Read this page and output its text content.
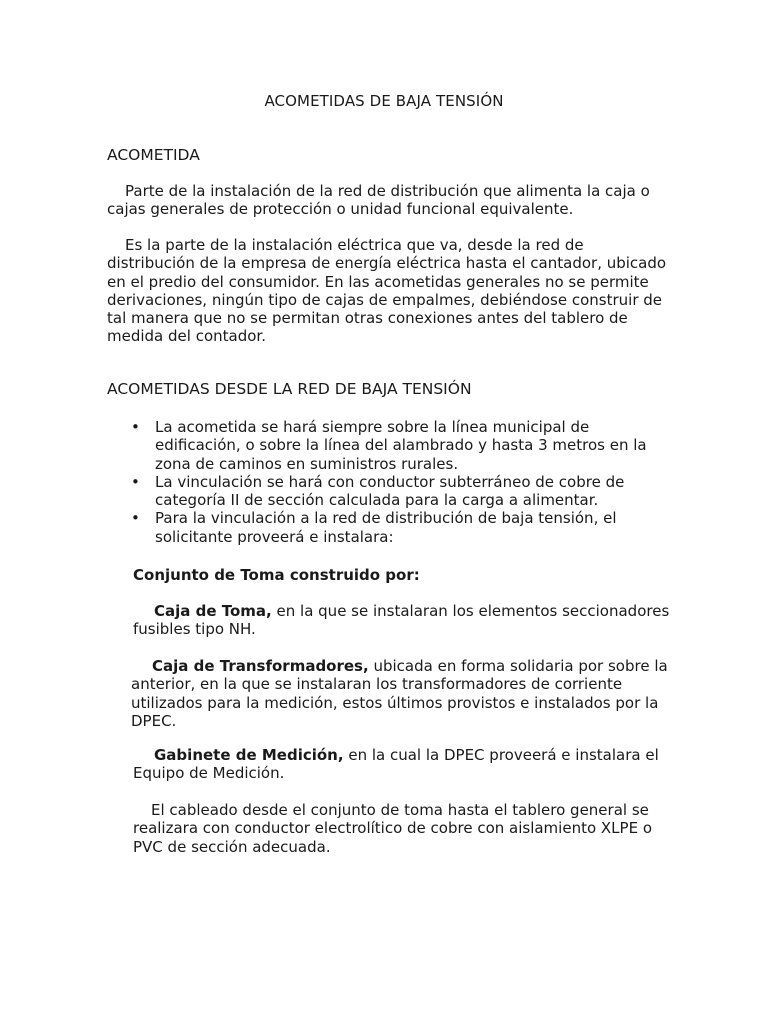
ACOMETIDAS DE BAJA TENSIÓN
ACOMETIDA

Parte de la instalación de la red de distribución que alimenta la caja o cajas generales de protección o unidad funcional equivalente.

Es la parte de la instalación eléctrica que va, desde la red de distribución de la empresa de energía eléctrica hasta el cantador, ubicado en el predio del consumidor. En las acometidas generales no se permite derivaciones, ningún tipo de cajas de empalmes, debiéndose construir de tal manera que no se permitan otras conexiones antes del tablero de medida del contador.

ACOMETIDAS DESDE LA RED DE BAJA TENSIÓN
• La acometida se hará siempre sobre la línea municipal de edificación, o sobre la línea del alambrado y hasta 3 metros en la zona de caminos en suministros rurales.
• La vinculación se hará con conductor subterráneo de cobre de categoría II de sección calculada para la carga a alimentar.
• Para la vinculación a la red de distribución de baja tensión, el solicitante proveerá e instalara:
Conjunto de Toma construido por:

Caja de Toma, en la que se instalaran los elementos seccionadores fusibles tipo NH.

Caja de Transformadores, ubicada en forma solidaria por sobre la anterior, en la que se instalaran los transformadores de corriente utilizados para la medición, estos últimos provistos e instalados por la DPEC.

Gabinete de Medición, en la cual la DPEC proveerá e instalara el Equipo de Medición.

El cableado desde el conjunto de toma hasta el tablero general se realizara con conductor electrolítico de cobre con aislamiento XLPE o PVC de sección adecuada.
